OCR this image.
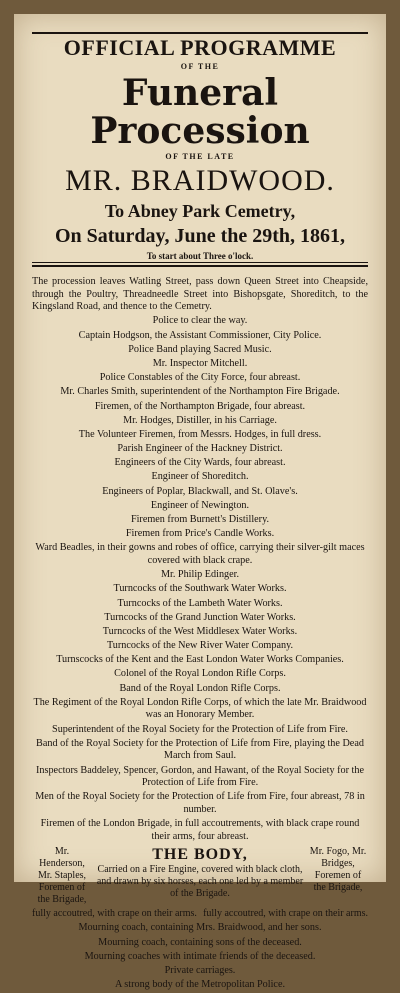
OFFICIAL PROGRAMME
OF THE
Funeral Procession
OF THE LATE
MR. BRAIDWOOD.
To Abney Park Cemetry,
On Saturday, June the 29th, 1861,
To start about Three o'lock.

The procession leaves Watling Street, pass down Queen Street into Cheapside, through the Poultry, Threadneedle Street into Bishopsgate, Shoreditch, to the Kingsland Road, and thence to the Cemetry.

Police to clear the way.

Captain Hodgson, the Assistant Commissioner, City Police.

Police Band playing Sacred Music.

Mr. Inspector Mitchell.

Police Constables of the City Force, four abreast.

Mr. Charles Smith, superintendent of the Northampton Fire Brigade.

Firemen, of the Northampton Brigade, four abreast.

Mr. Hodges, Distiller, in his Carriage.

The Volunteer Firemen, from Messrs. Hodges, in full dress.

Parish Engineer of the Hackney District.

Engineers of the City Wards, four abreast.

Engineer of Shoreditch.

Engineers of Poplar, Blackwall, and St. Olave's.

Engineer of Newington.

Firemen from Burnett's Distillery.

Firemen from Price's Candle Works.

Ward Beadles, in their gowns and robes of office, carrying their silver-gilt maces covered with black crape.

Mr. Philip Edinger.

Turncocks of the Southwark Water Works.

Turncocks of the Lambeth Water Works.

Turncocks of the Grand Junction Water Works.

Turncocks of the West Middlesex Water Works.

Turncocks of the New River Water Company.

Turnscocks of the Kent and the East London Water Works Companies.

Colonel of the Royal London Rifle Corps.

Band of the Royal London Rifle Corps.

The Regiment of the Royal London Rifle Corps, of which the late Mr. Braidwood was an Honorary Member.

Superintendent of the Royal Society for the Protection of Life from Fire.

Band of the Royal Society for the Protection of Life from Fire, playing the Dead March from Saul.

Inspectors Baddeley, Spencer, Gordon, and Hawant, of the Royal Society for the Protection of Life from Fire.

Men of the Royal Society for the Protection of Life from Fire, four abreast, 78 in number.

Firemen of the London Brigade, in full accoutrements, with black crape round their arms, four abreast.

Mr. Henderson, Mr. Staples, Foremen of the Brigade,
THE BODY,
Carried on a Fire Engine, covered with black cloth, and drawn by six horses, each one led by a member of the Brigade.
Mr. Fogo, Mr. Bridges, Foremen of the Brigade,
fully accoutred, with crape on their arms. fully accoutred, with crape on their arms.

Mourning coach, containing Mrs. Braidwood, and her sons.

Mourning coach, containing sons of the deceased.

Mourning coaches with intimate friends of the deceased.

Private carriages.

A strong body of the Metropolitan Police.
